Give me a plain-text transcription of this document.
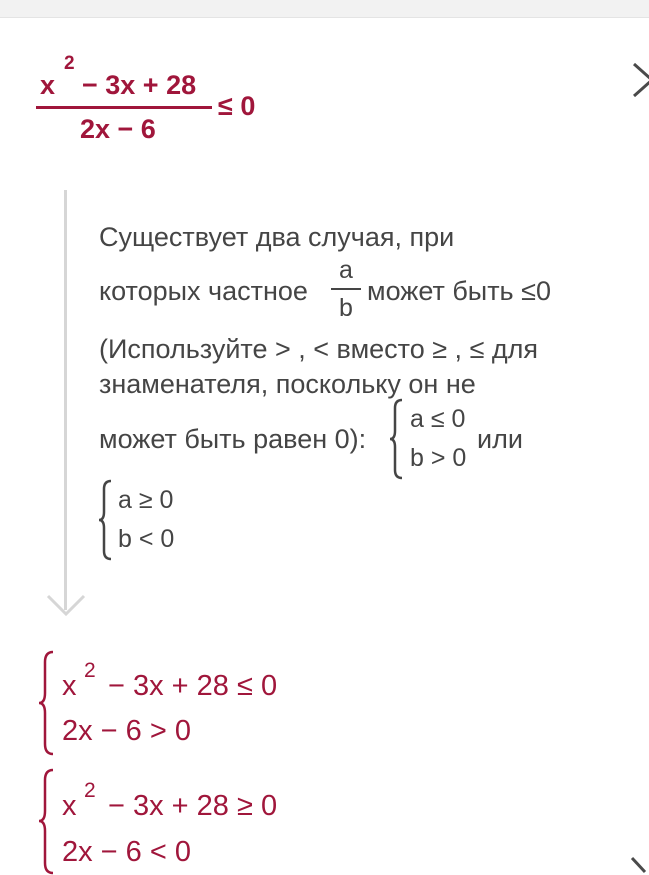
x
2
− 3x + 28
2x − 6
≤ 0
Существует два случая, при
которых частное
a
b
может быть ≤0
(Используйте > , < вместо ≥ , ≤ для
знаменателя, поскольку он не
может быть равен 0):
a ≤ 0
b > 0
или
a ≥ 0
b < 0
x 2 − 3x + 28 ≤ 0
2x − 6 > 0
x 2 − 3x + 28 ≥ 0
2x − 6 < 0
